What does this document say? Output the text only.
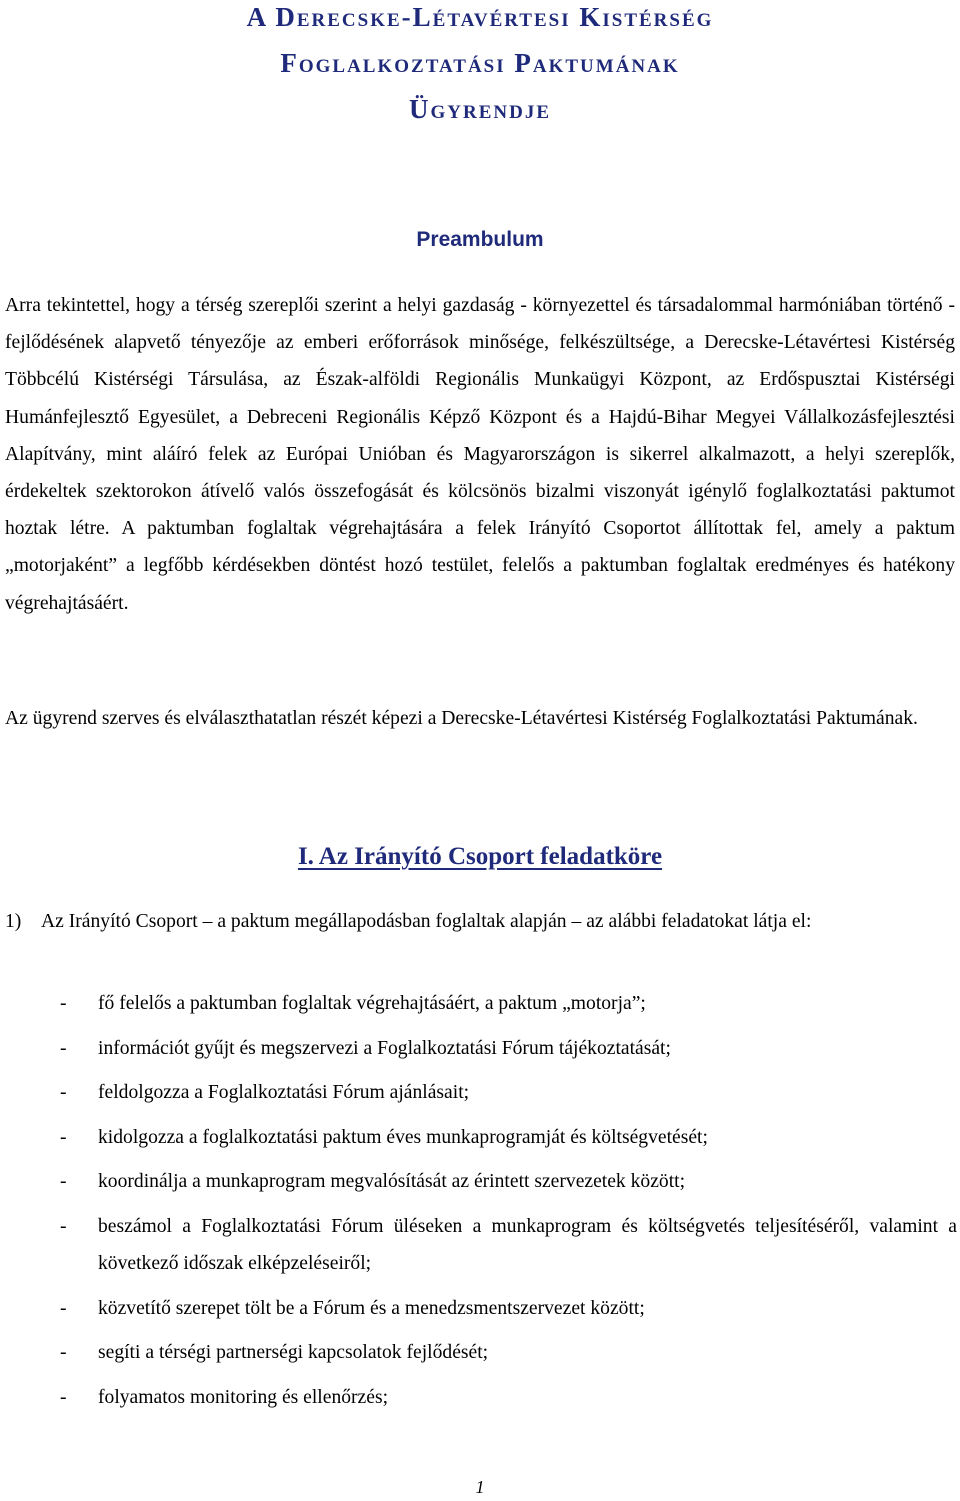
A Derecske-Létavértesi Kistérség
Foglalkoztatási Paktumának
Ügyrendje
Preambulum

Arra tekintettel, hogy a térség szereplői szerint a helyi gazdaság - környezettel és társadalommal harmóniában történő - fejlődésének alapvető tényezője az emberi erőforrások minősége, felkészültsége, a Derecske-Létavértesi Kistérség Többcélú Kistérségi Társulása, az Észak-alföldi Regionális Munkaügyi Központ, az Erdőspusztai Kistérségi Humánfejlesztő Egyesület, a Debreceni Regionális Képző Központ és a Hajdú-Bihar Megyei Vállalkozásfejlesztési Alapítvány, mint aláíró felek az Európai Unióban és Magyarországon is sikerrel alkalmazott, a helyi szereplők, érdekeltek szektorokon átívelő valós összefogását és kölcsönös bizalmi viszonyát igénylő foglalkoztatási paktumot hoztak létre. A paktumban foglaltak végrehajtására a felek Irányító Csoportot állítottak fel, amely a paktum „motorjaként” a legfőbb kérdésekben döntést hozó testület, felelős a paktumban foglaltak eredményes és hatékony végrehajtásáért.

Az ügyrend szerves és elválaszthatatlan részét képezi a Derecske-Létavértesi Kistérség Foglalkoztatási Paktumának.

I. Az Irányító Csoport feladatköre
1) Az Irányító Csoport – a paktum megállapodásban foglaltak alapján – az alábbi feladatokat látja el:

- fő felelős a paktumban foglaltak végrehajtásáért, a paktum „motorja”;
- információt gyűjt és megszervezi a Foglalkoztatási Fórum tájékoztatását;
- feldolgozza a Foglalkoztatási Fórum ajánlásait;
- kidolgozza a foglalkoztatási paktum éves munkaprogramját és költségvetését;
- koordinálja a munkaprogram megvalósítását az érintett szervezetek között;
- beszámol a Foglalkoztatási Fórum üléseken a munkaprogram és költségvetés teljesítéséről, valamint a következő időszak elképzeléseiről;
- közvetítő szerepet tölt be a Fórum és a menedzsmentszervezet között;
- segíti a térségi partnerségi kapcsolatok fejlődését;
- folyamatos monitoring és ellenőrzés;
1
